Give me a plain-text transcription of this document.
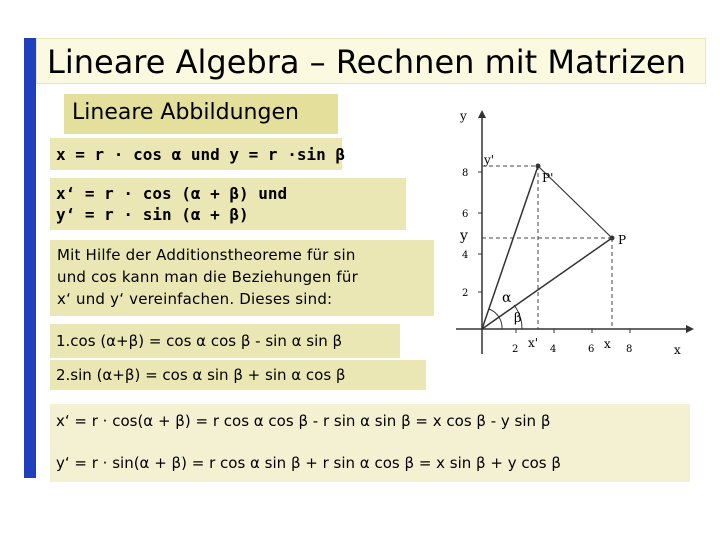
Lineare Algebra – Rechnen mit Matrizen
Lineare Abbildungen
x = r · cos α und y = r ·sin β
x‘ = r · cos (α + β) und
y‘ = r · sin (α + β)
Mit Hilfe der Additionstheoreme für sin
und cos kann man die Beziehungen für
x‘ und y‘ vereinfachen. Dieses sind:
1.cos (α+β) = cos α cos β - sin α sin β
2.sin (α+β) = cos α sin β + sin α cos β
x‘ = r · cos(α + β) = r cos α cos β - r sin α sin β = x cos β - y sin β
y‘ = r · sin(α + β) = r cos α sin β + r sin α cos β = x sin β + y cos β
y
x
2
4
6
8
2	4	6	8
y'
y
x'	x
P'
P
α
β
